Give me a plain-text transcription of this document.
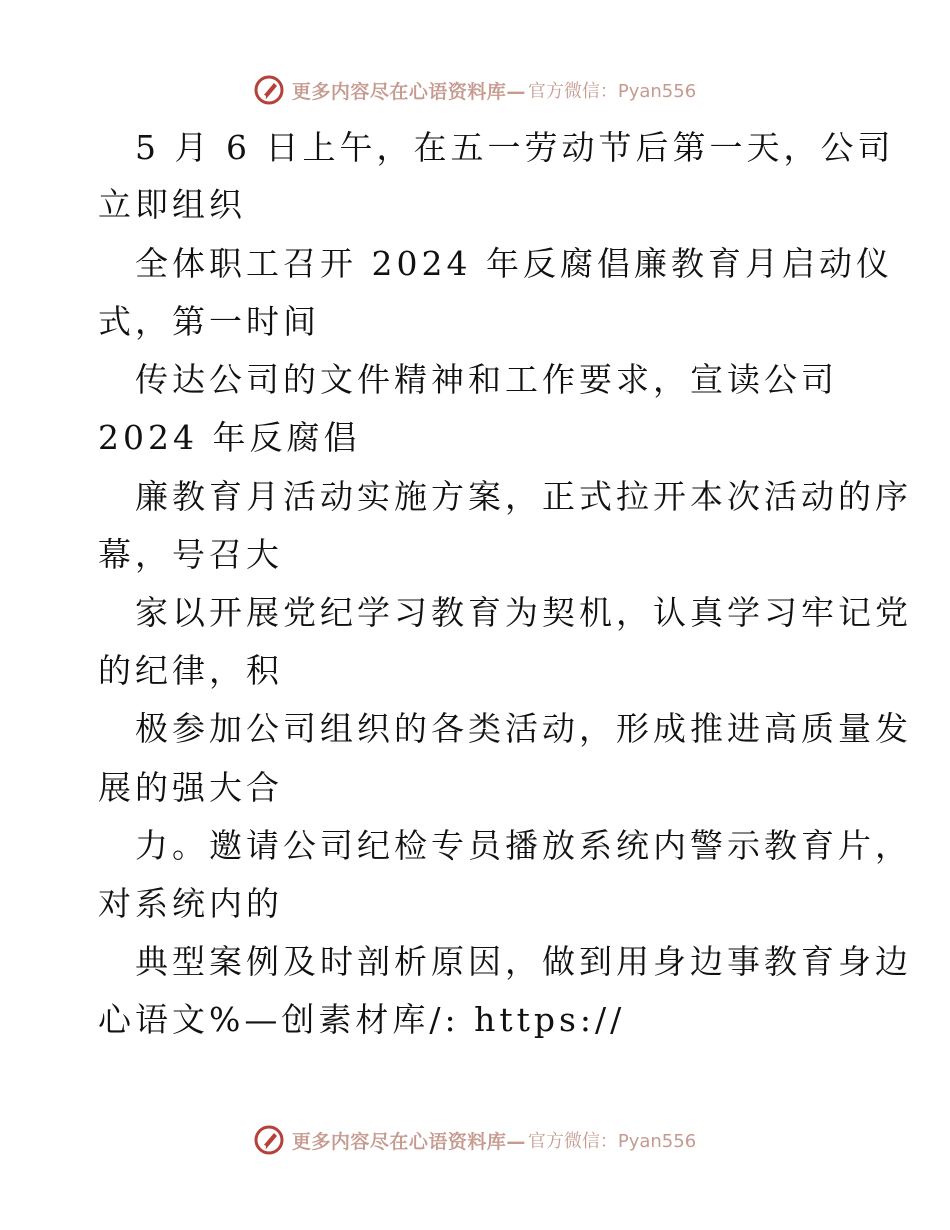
更多内容尽在心语资料库— 官方微信：Pyan556
5 月 6 日上午，在五一劳动节后第一天，公司
立即组织
全体职工召开 2024 年反腐倡廉教育月启动仪
式，第一时间
传达公司的文件精神和工作要求，宣读公司
2024 年反腐倡
廉教育月活动实施方案，正式拉开本次活动的序
幕，号召大
家以开展党纪学习教育为契机，认真学习牢记党
的纪律，积
极参加公司组织的各类活动，形成推进高质量发
展的强大合
力。邀请公司纪检专员播放系统内警示教育片，
对系统内的
典型案例及时剖析原因，做到用身边事教育身边
心语文%—创素材库/: https://
更多内容尽在心语资料库— 官方微信：Pyan556
